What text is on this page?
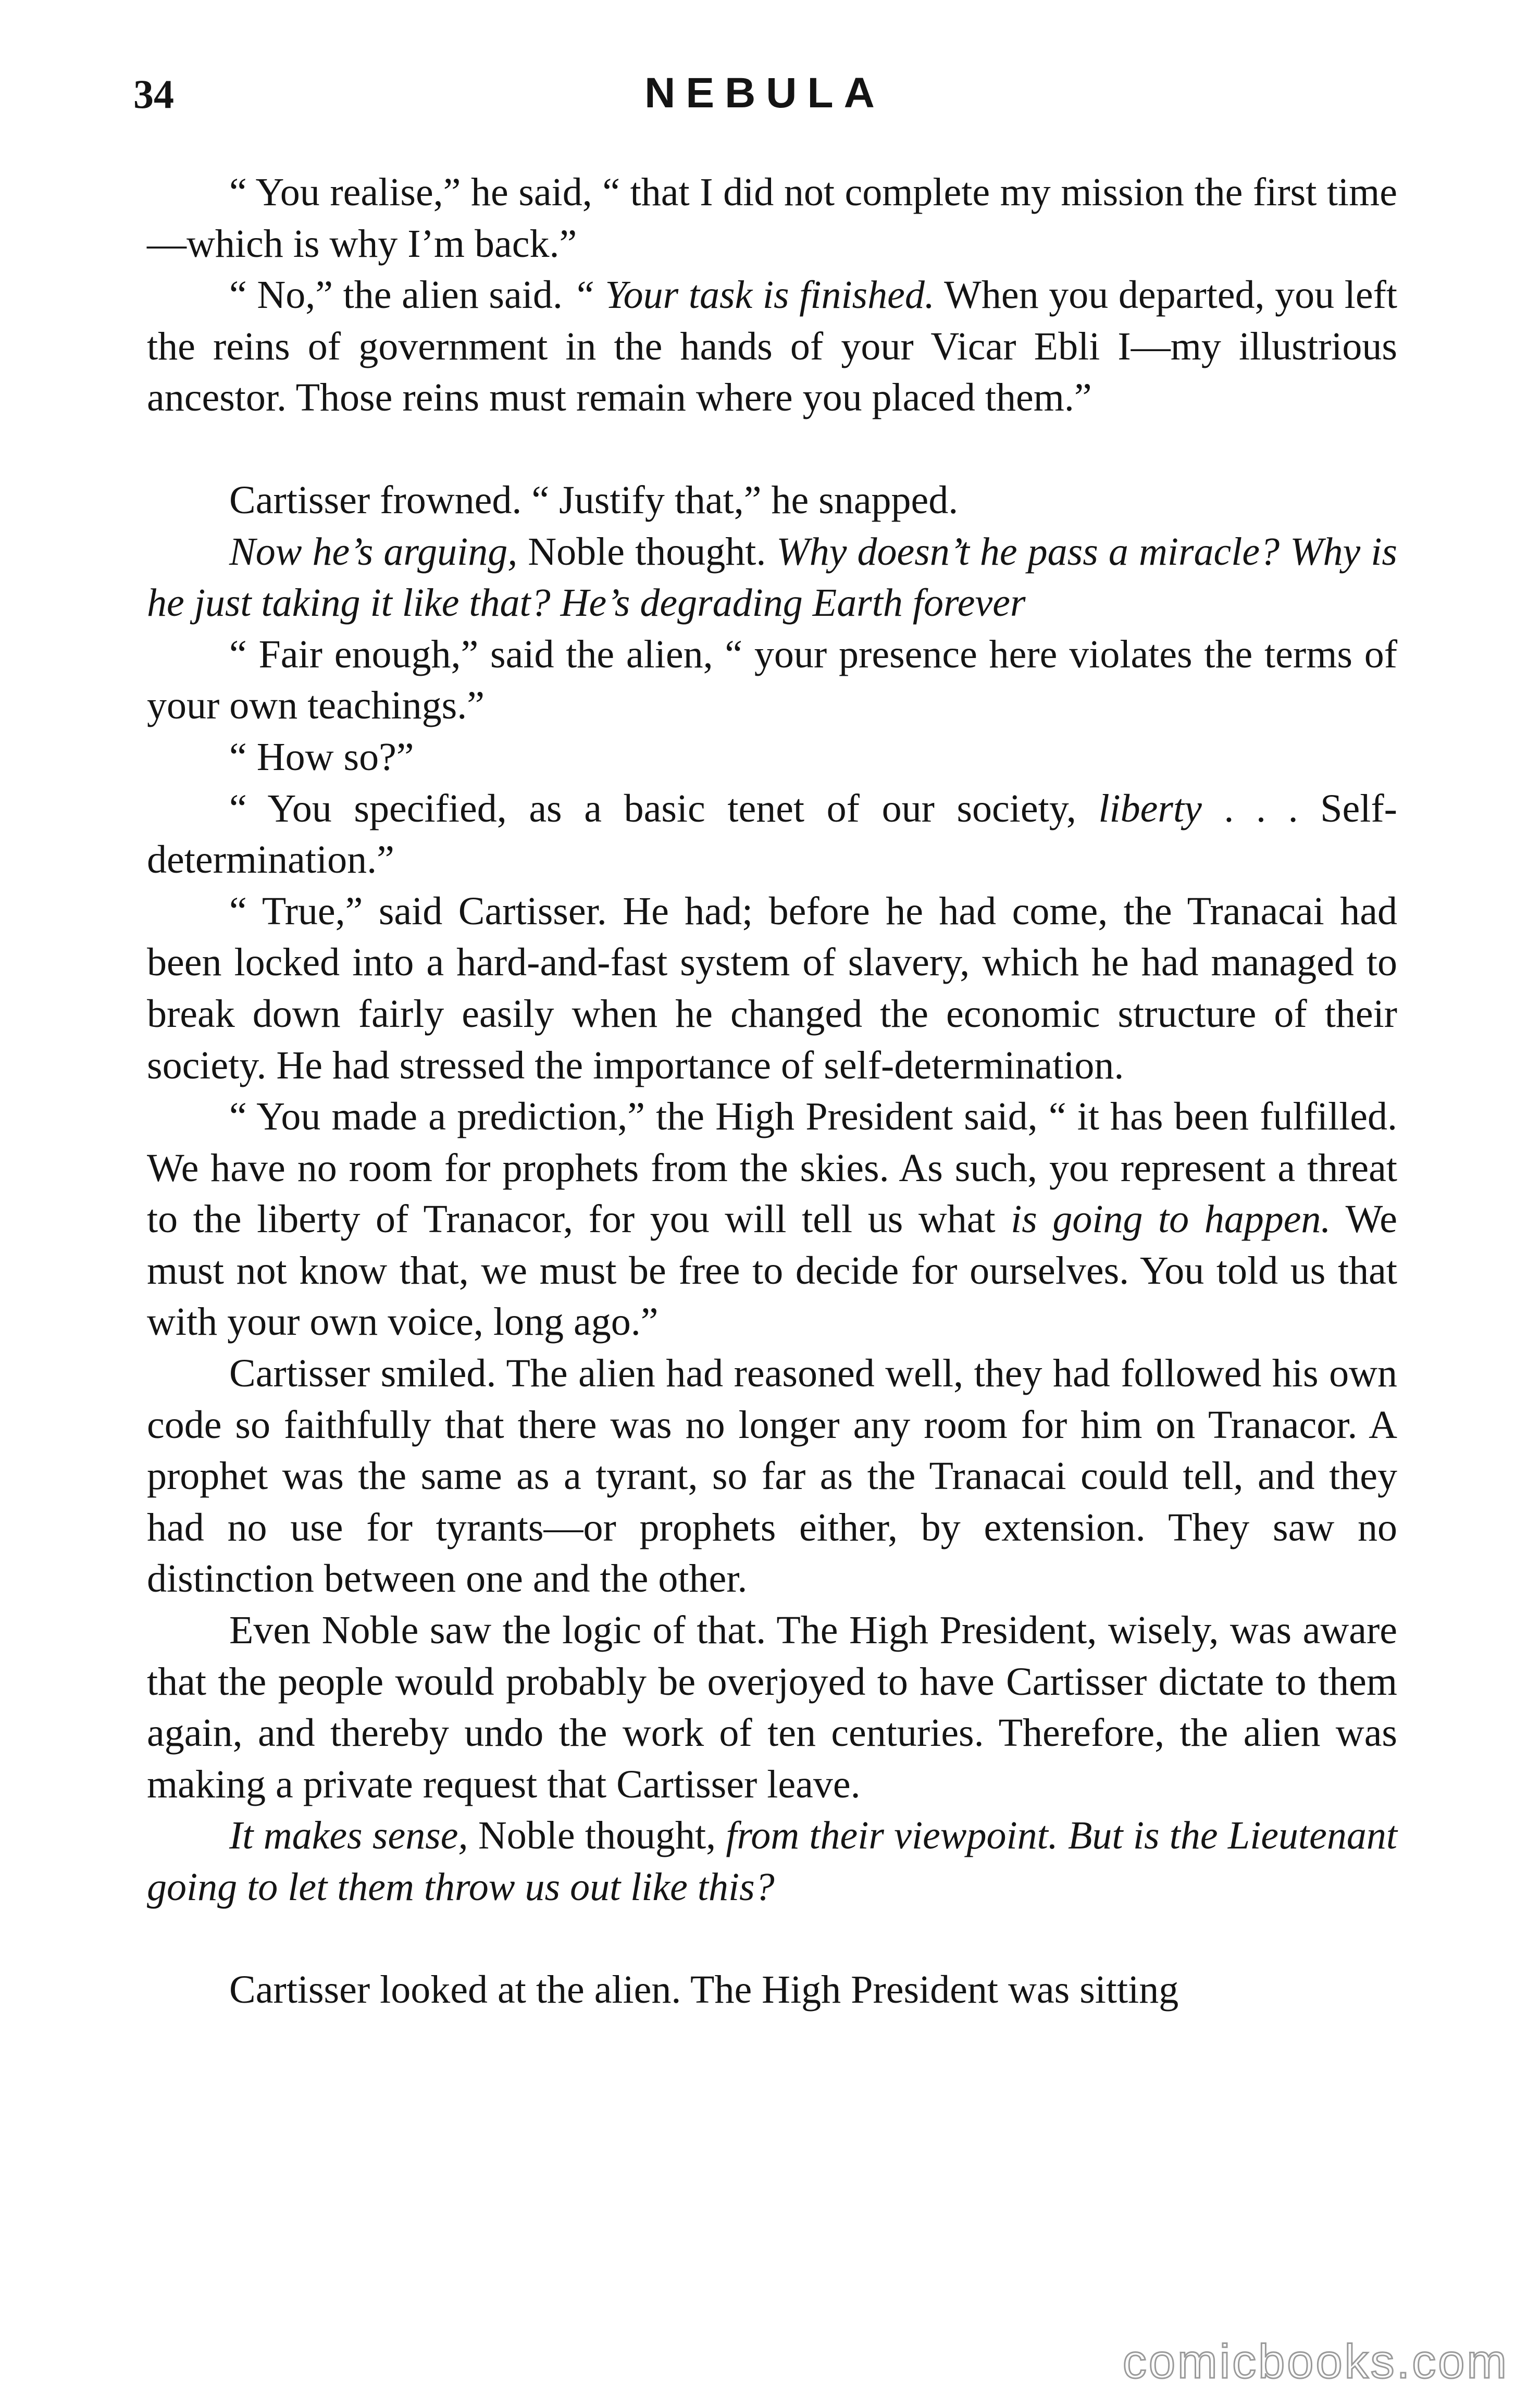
34	NEBULA

“ You realise,” he said, “ that I did not complete my mission the first time—which is why I’m back.”

“ No,” the alien said. “ Your task is finished. When you departed, you left the reins of government in the hands of your Vicar Ebli I—my illustrious ancestor. Those reins must remain where you placed them.”

Cartisser frowned. “ Justify that,” he snapped.

Now he’s arguing, Noble thought. Why doesn’t he pass a miracle? Why is he just taking it like that? He’s degrading Earth forever

“ Fair enough,” said the alien, “ your presence here violates the terms of your own teachings.”

“ How so?”

“ You specified, as a basic tenet of our society, liberty . . . Self-determination.”

“ True,” said Cartisser. He had; before he had come, the Tranacai had been locked into a hard-and-fast system of slavery, which he had managed to break down fairly easily when he changed the economic structure of their society. He had stressed the importance of self-determination.

“ You made a prediction,” the High President said, “ it has been fulfilled. We have no room for prophets from the skies. As such, you represent a threat to the liberty of Tranacor, for you will tell us what is going to happen. We must not know that, we must be free to decide for ourselves. You told us that with your own voice, long ago.”

Cartisser smiled. The alien had reasoned well, they had followed his own code so faithfully that there was no longer any room for him on Tranacor. A prophet was the same as a tyrant, so far as the Tranacai could tell, and they had no use for tyrants—or prophets either, by extension. They saw no distinction between one and the other.

Even Noble saw the logic of that. The High President, wisely, was aware that the people would probably be overjoyed to have Cartisser dictate to them again, and thereby undo the work of ten centuries. Therefore, the alien was making a private request that Cartisser leave.

It makes sense, Noble thought, from their viewpoint. But is the Lieutenant going to let them throw us out like this?

Cartisser looked at the alien. The High President was sitting

comicbooks.com
